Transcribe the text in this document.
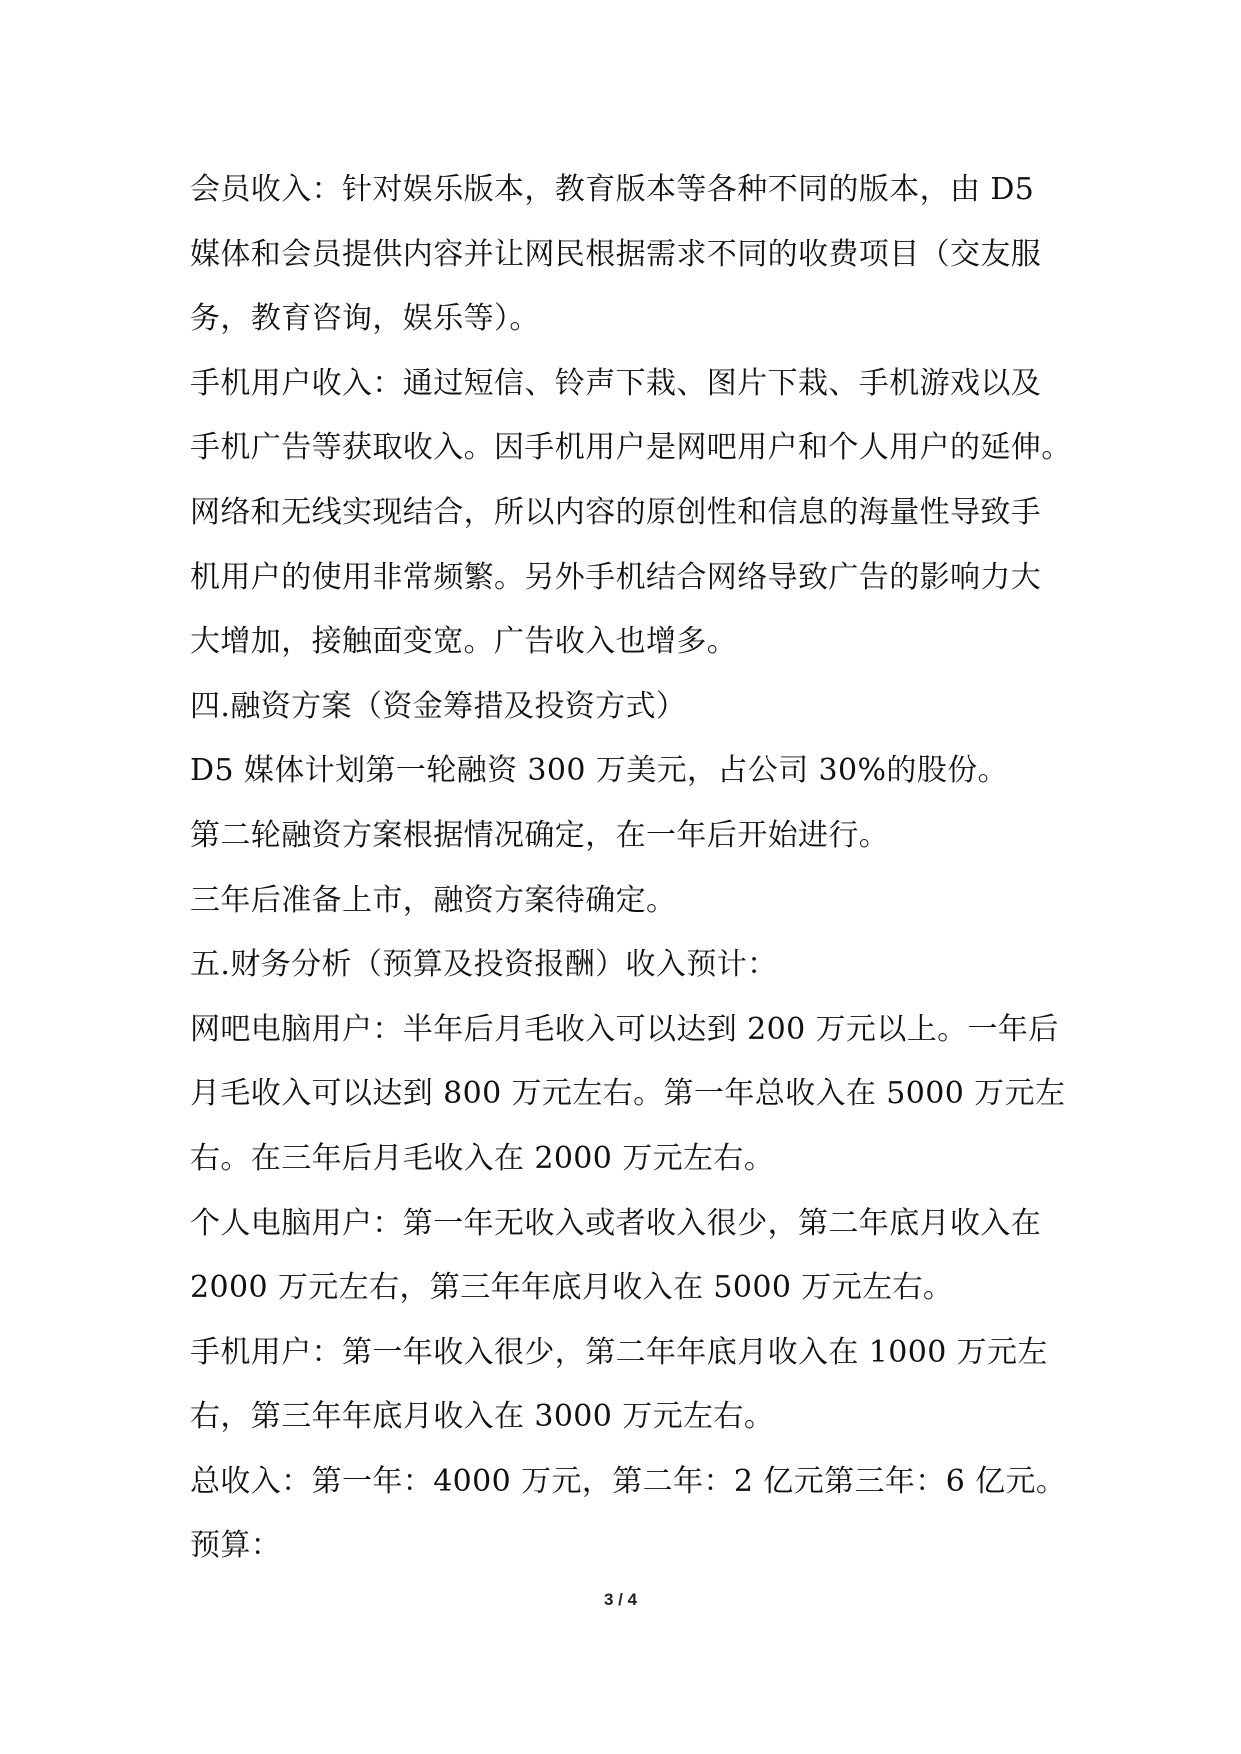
会员收入：针对娱乐版本，教育版本等各种不同的版本，由 D5
媒体和会员提供内容并让网民根据需求不同的收费项目（交友服
务，教育咨询，娱乐等）。
手机用户收入：通过短信、铃声下栽、图片下栽、手机游戏以及
手机广告等获取收入。因手机用户是网吧用户和个人用户的延伸。
网络和无线实现结合，所以内容的原创性和信息的海量性导致手
机用户的使用非常频繁。另外手机结合网络导致广告的影响力大
大增加，接触面变宽。广告收入也增多。
四.融资方案（资金筹措及投资方式）
D5 媒体计划第一轮融资 300 万美元，占公司 30%的股份。
第二轮融资方案根据情况确定，在一年后开始进行。
三年后准备上市，融资方案待确定。
五.财务分析（预算及投资报酬）收入预计：
网吧电脑用户：半年后月毛收入可以达到 200 万元以上。一年后
月毛收入可以达到 800 万元左右。第一年总收入在 5000 万元左
右。在三年后月毛收入在 2000 万元左右。
个人电脑用户：第一年无收入或者收入很少，第二年底月收入在
2000 万元左右，第三年年底月收入在 5000 万元左右。
手机用户：第一年收入很少，第二年年底月收入在 1000 万元左
右，第三年年底月收入在 3000 万元左右。
总收入：第一年：4000 万元，第二年：2 亿元第三年：6 亿元。
预算：
3 / 4
